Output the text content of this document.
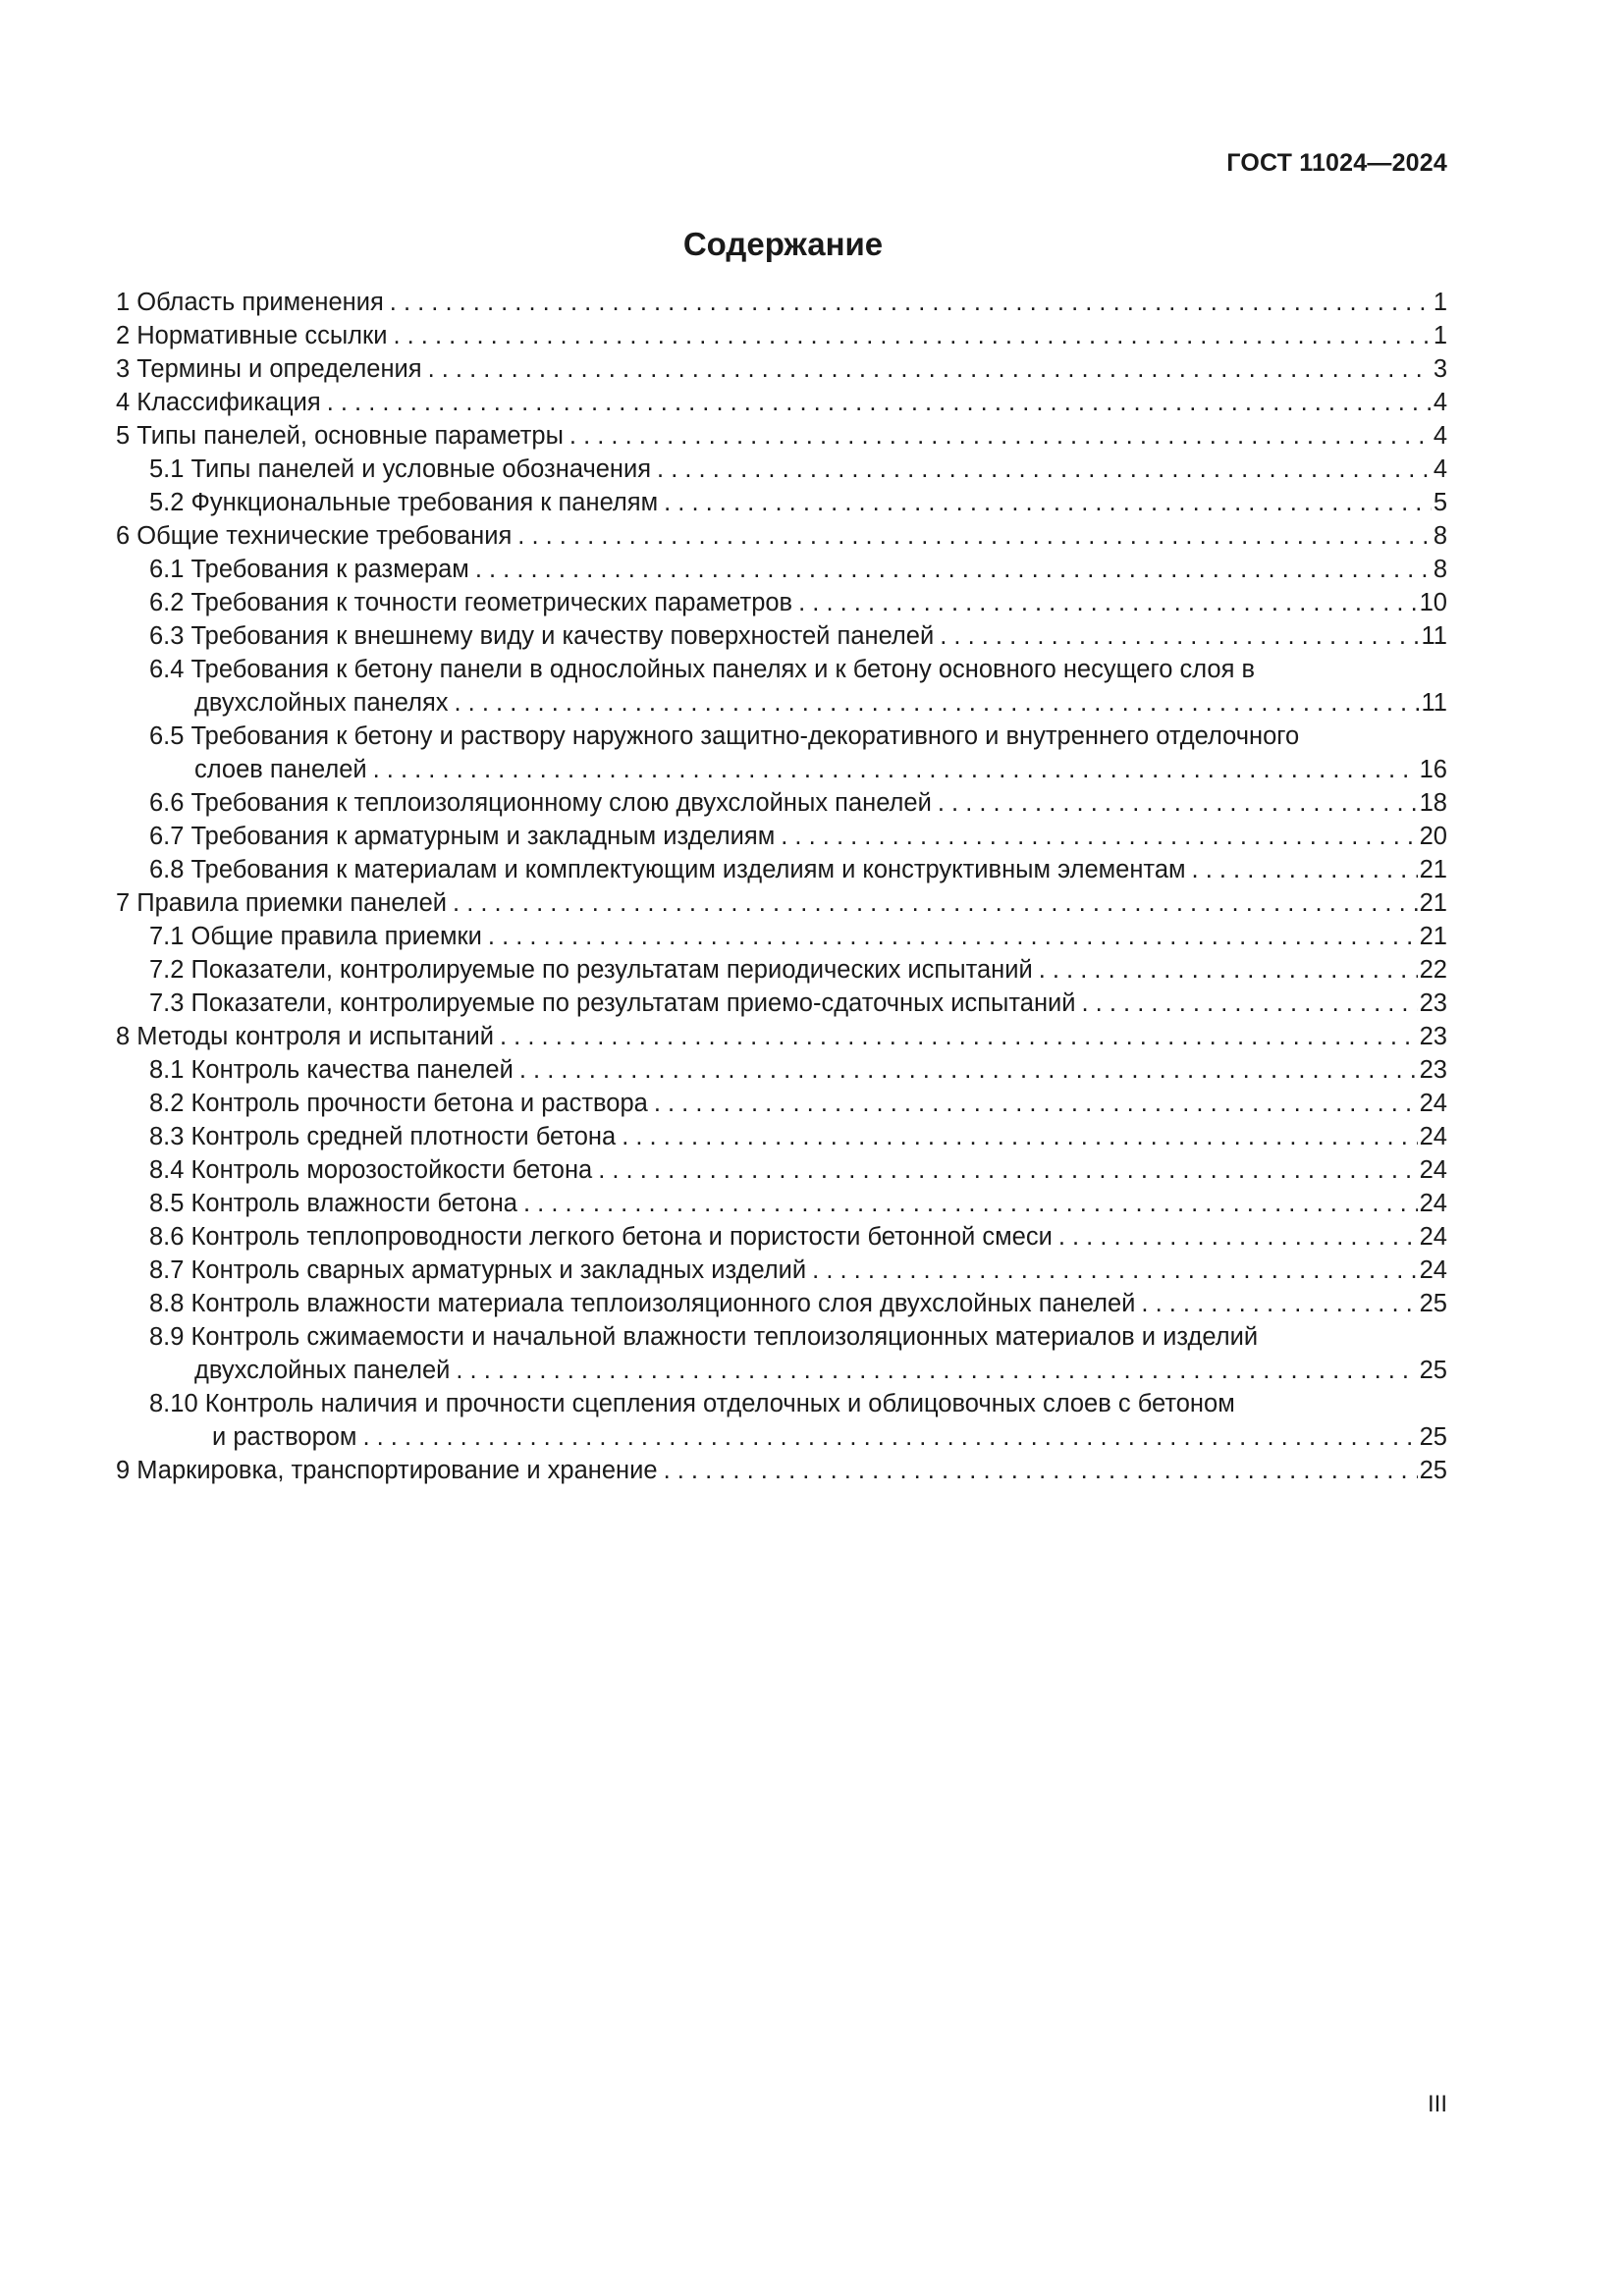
ГОСТ 11024—2024
Содержание
1 Область применения . . .	1
2 Нормативные ссылки . . .	1
3 Термины и определения . . .	3
4 Классификация . . .	4
5 Типы панелей, основные параметры . . .	4
5.1 Типы панелей и условные обозначения . . .	4
5.2 Функциональные требования к панелям . . .	5
6 Общие технические требования . . .	8
6.1 Требования к размерам . . .	8
6.2 Требования к точности геометрических параметров . . .	10
6.3 Требования к внешнему виду и качеству поверхностей панелей . . .	11
6.4 Требования к бетону панели в однослойных панелях и к бетону основного несущего слоя в
двухслойных панелях . . .	11
6.5 Требования к бетону и раствору наружного защитно-декоративного и внутреннего отделочного
слоев панелей . . .	16
6.6 Требования к теплоизоляционному слою двухслойных панелей . . .	18
6.7 Требования к арматурным и закладным изделиям . . .	20
6.8 Требования к материалам и комплектующим изделиям и конструктивным элементам . . .	21
7 Правила приемки панелей . . .	21
7.1 Общие правила приемки . . .	21
7.2 Показатели, контролируемые по результатам периодических испытаний . . .	22
7.3 Показатели, контролируемые по результатам приемо-сдаточных испытаний . . .	23
8 Методы контроля и испытаний . . .	23
8.1 Контроль качества панелей . . .	23
8.2 Контроль прочности бетона и раствора . . .	24
8.3 Контроль средней плотности бетона . . .	24
8.4 Контроль морозостойкости бетона . . .	24
8.5 Контроль влажности бетона . . .	24
8.6 Контроль теплопроводности легкого бетона и пористости бетонной смеси . . .	24
8.7 Контроль сварных арматурных и закладных изделий . . .	24
8.8 Контроль влажности материала теплоизоляционного слоя двухслойных панелей . . .	25
8.9 Контроль сжимаемости и начальной влажности теплоизоляционных материалов и изделий
двухслойных панелей . . .	25
8.10 Контроль наличия и прочности сцепления отделочных и облицовочных слоев с бетоном
и раствором . . .	25
9 Маркировка, транспортирование и хранение . . .	25
III
